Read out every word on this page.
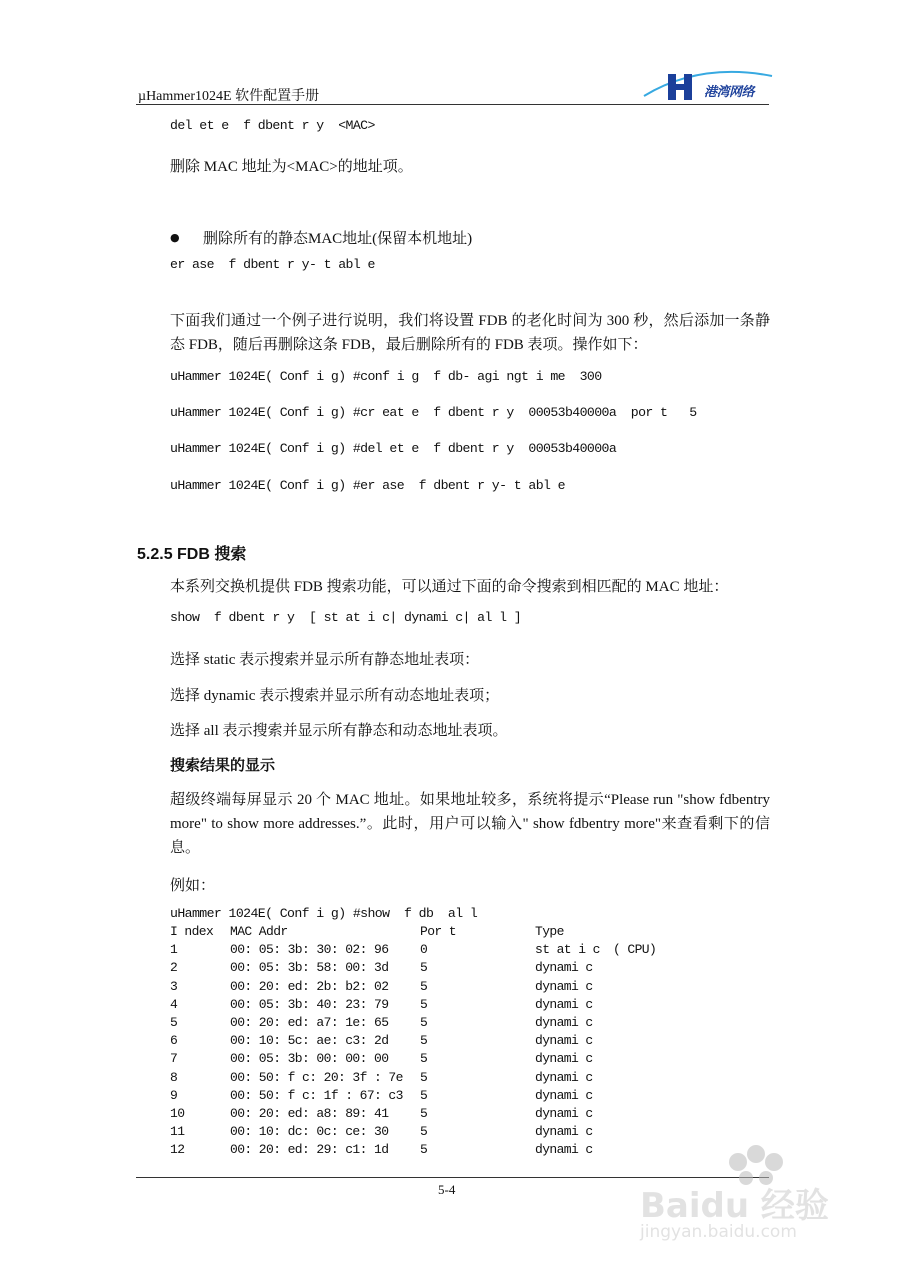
µHammer1024E 软件配置手册	港湾网络
del et e  f dbent r y  <MAC>
删除 MAC 地址为<MAC>的地址项。
● 删除所有的静态MAC地址(保留本机地址)
er ase  f dbent r y- t abl e
下面我们通过一个例子进行说明，我们将设置 FDB 的老化时间为 300 秒，然后添加一条静态 FDB，随后再删除这条 FDB，最后删除所有的 FDB 表项。操作如下：
uHammer 1024E( Conf i g) #conf i g  f db- agi ngt i me  300
uHammer 1024E( Conf i g) #cr eat e  f dbent r y  00053b40000a  por t   5
uHammer 1024E( Conf i g) #del et e  f dbent r y  00053b40000a
uHammer 1024E( Conf i g) #er ase  f dbent r y- t abl e
5.2.5 FDB 搜索
本系列交换机提供 FDB 搜索功能，可以通过下面的命令搜索到相匹配的 MAC 地址：
show  f dbent r y  [ st at i c| dynami c| al l ]
选择 static 表示搜索并显示所有静态地址表项：
选择 dynamic 表示搜索并显示所有动态地址表项；
选择 all 表示搜索并显示所有静态和动态地址表项。
搜索结果的显示
超级终端每屏显示 20 个 MAC 地址。如果地址较多，系统将提示“Please run "show fdbentry more" to show more addresses.”。此时，用户可以输入" show fdbentry more"来查看剩下的信息。
例如：
uHammer 1024E( Conf i g) #show  f db  al l
I ndex	MAC Addr	Por t	Type	
1	00: 05: 3b: 30: 02: 96	0	st at i c	( CPU)
2	00: 05: 3b: 58: 00: 3d	5	dynami c	
3	00: 20: ed: 2b: b2: 02	5	dynami c	
4	00: 05: 3b: 40: 23: 79	5	dynami c	
5	00: 20: ed: a7: 1e: 65	5	dynami c	
6	00: 10: 5c: ae: c3: 2d	5	dynami c	
7	00: 05: 3b: 00: 00: 00	5	dynami c	
8	00: 50: f c: 20: 3f : 7e	5	dynami c	
9	00: 50: f c: 1f : 67: c3	5	dynami c	
10	00: 20: ed: a8: 89: 41	5	dynami c	
11	00: 10: dc: 0c: ce: 30	5	dynami c	
12	00: 20: ed: 29: c1: 1d	5	dynami c	
5-4	Baidu 经验
jingyan.baidu.com
